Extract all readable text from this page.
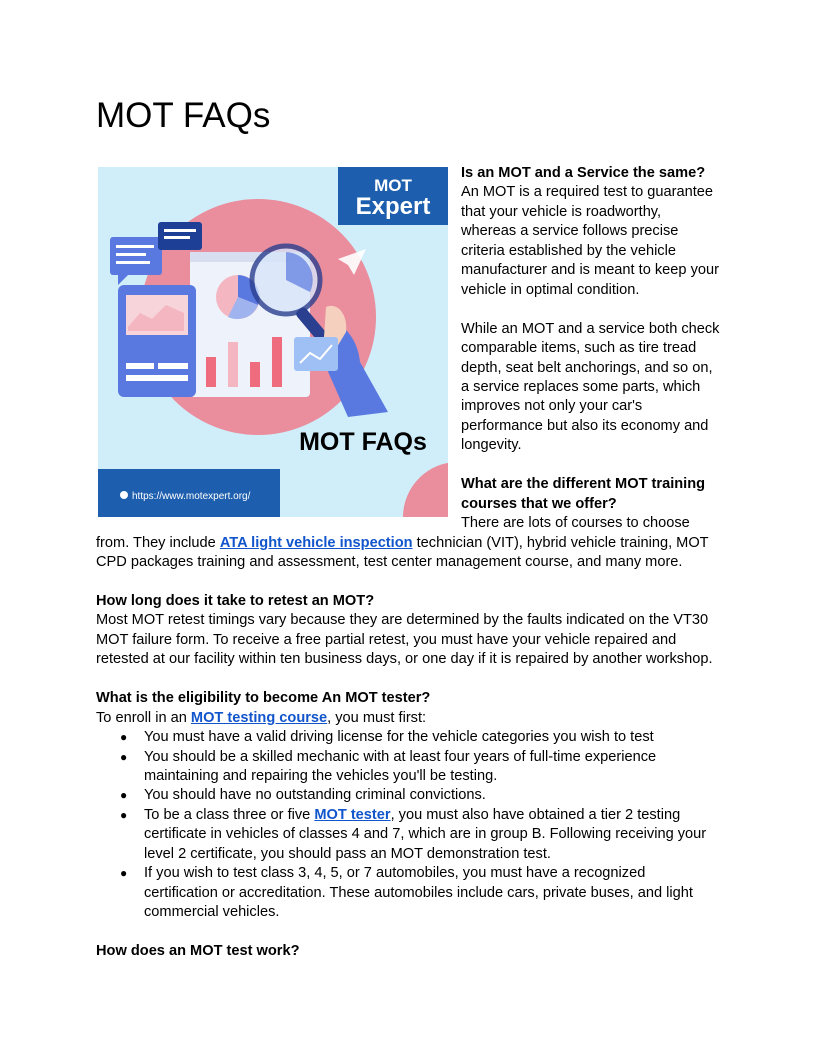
MOT FAQs
MOT
Expert
MOT FAQs
https://www.motexpert.org/

Is an MOT and a Service the same?

An MOT is a required test to guarantee that your vehicle is roadworthy, whereas a service follows precise criteria established by the vehicle manufacturer and is meant to keep your vehicle in optimal condition.

While an MOT and a service both check comparable items, such as tire tread depth, seat belt anchorings, and so on, a service replaces some parts, which improves not only your car's performance but also its economy and longevity.

What are the different MOT training courses that we offer?

There are lots of courses to choose from. They include ATA light vehicle inspection technician (VIT), hybrid vehicle training, MOT CPD packages training and assessment, test center management course, and many more.

How long does it take to retest an MOT?

Most MOT retest timings vary because they are determined by the faults indicated on the VT30 MOT failure form. To receive a free partial retest, you must have your vehicle repaired and retested at our facility within ten business days, or one day if it is repaired by another workshop.

What is the eligibility to become An MOT tester?

To enroll in an MOT testing course, you must first:

● You must have a valid driving license for the vehicle categories you wish to test
● You should be a skilled mechanic with at least four years of full-time experience maintaining and repairing the vehicles you'll be testing.
● You should have no outstanding criminal convictions.
● To be a class three or five MOT tester, you must also have obtained a tier 2 testing certificate in vehicles of classes 4 and 7, which are in group B. Following receiving your level 2 certificate, you should pass an MOT demonstration test.
● If you wish to test class 3, 4, 5, or 7 automobiles, you must have a recognized certification or accreditation. These automobiles include cars, private buses, and light commercial vehicles.

How does an MOT test work?
